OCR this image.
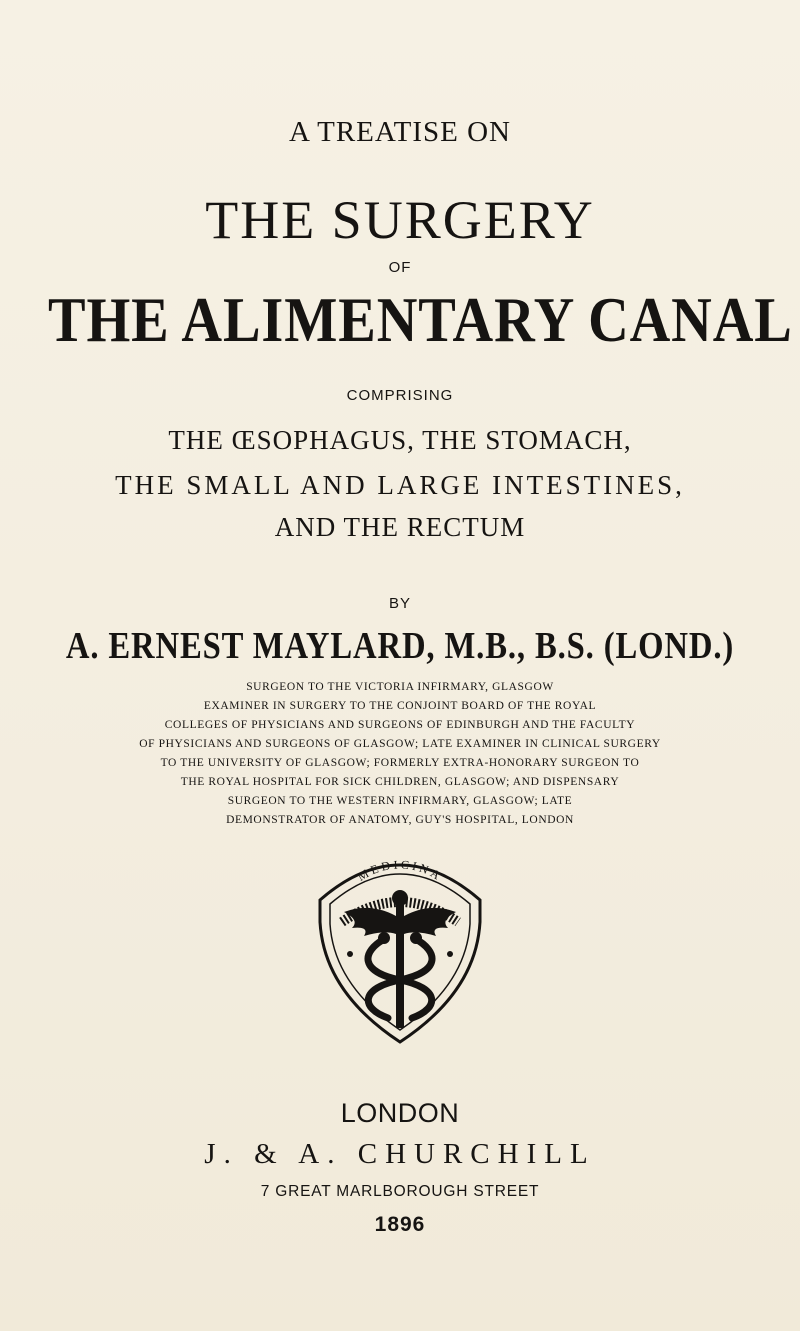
A TREATISE ON

THE SURGERY

OF

THE ALIMENTARY CANAL

COMPRISING

THE ŒSOPHAGUS, THE STOMACH,

THE SMALL AND LARGE INTESTINES,

AND THE RECTUM

BY

A. ERNEST MAYLARD, M.B., B.S. (LOND.)

SURGEON TO THE VICTORIA INFIRMARY, GLASGOW

EXAMINER IN SURGERY TO THE CONJOINT BOARD OF THE ROYAL

COLLEGES OF PHYSICIANS AND SURGEONS OF EDINBURGH AND THE FACULTY

OF PHYSICIANS AND SURGEONS OF GLASGOW; LATE EXAMINER IN CLINICAL SURGERY

TO THE UNIVERSITY OF GLASGOW; FORMERLY EXTRA-HONORARY SURGEON TO

THE ROYAL HOSPITAL FOR SICK CHILDREN, GLASGOW; AND DISPENSARY

SURGEON TO THE WESTERN INFIRMARY, GLASGOW; LATE

DEMONSTRATOR OF ANATOMY, GUY'S HOSPITAL, LONDON

MEDICINA

LONDON

J. & A. CHURCHILL

7 GREAT MARLBOROUGH STREET

1896
